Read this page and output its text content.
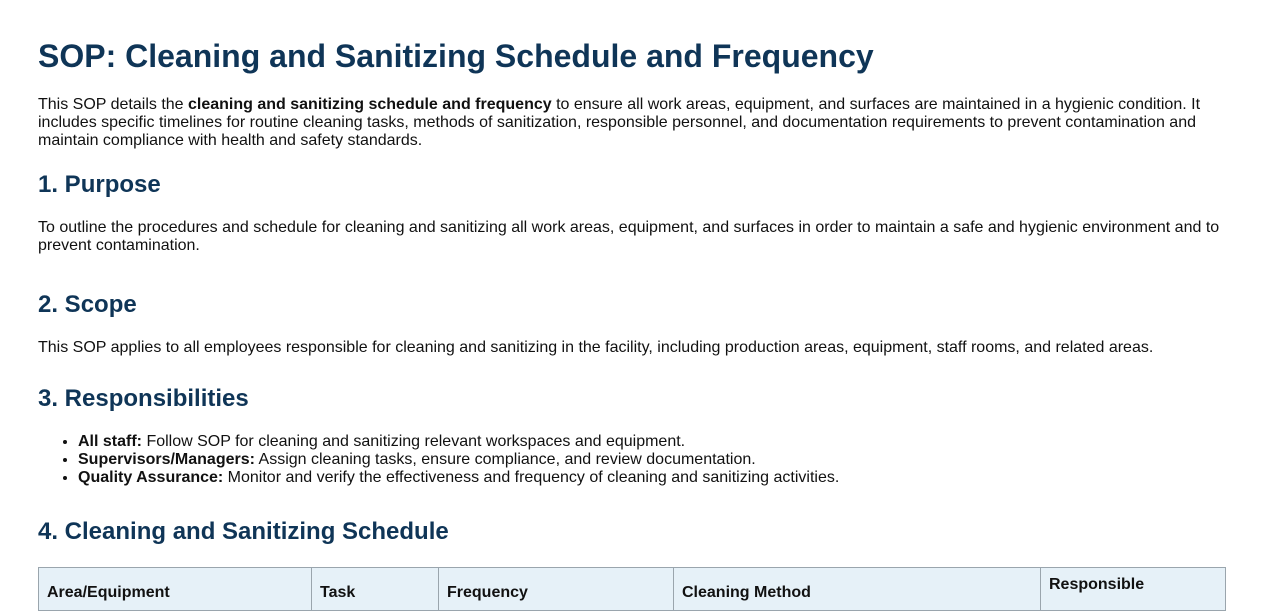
SOP: Cleaning and Sanitizing Schedule and Frequency

This SOP details the cleaning and sanitizing schedule and frequency to ensure all work areas, equipment, and surfaces are maintained in a hygienic condition. It includes specific timelines for routine cleaning tasks, methods of sanitization, responsible personnel, and documentation requirements to prevent contamination and maintain compliance with health and safety standards.

1. Purpose

To outline the procedures and schedule for cleaning and sanitizing all work areas, equipment, and surfaces in order to maintain a safe and hygienic environment and to prevent contamination.

2. Scope

This SOP applies to all employees responsible for cleaning and sanitizing in the facility, including production areas, equipment, staff rooms, and related areas.

3. Responsibilities
• All staff: Follow SOP for cleaning and sanitizing relevant workspaces and equipment.
• Supervisors/Managers: Assign cleaning tasks, ensure compliance, and review documentation.
• Quality Assurance: Monitor and verify the effectiveness and frequency of cleaning and sanitizing activities.
4. Cleaning and Sanitizing Schedule
Area/Equipment	Task	Frequency	Cleaning Method	Responsible
